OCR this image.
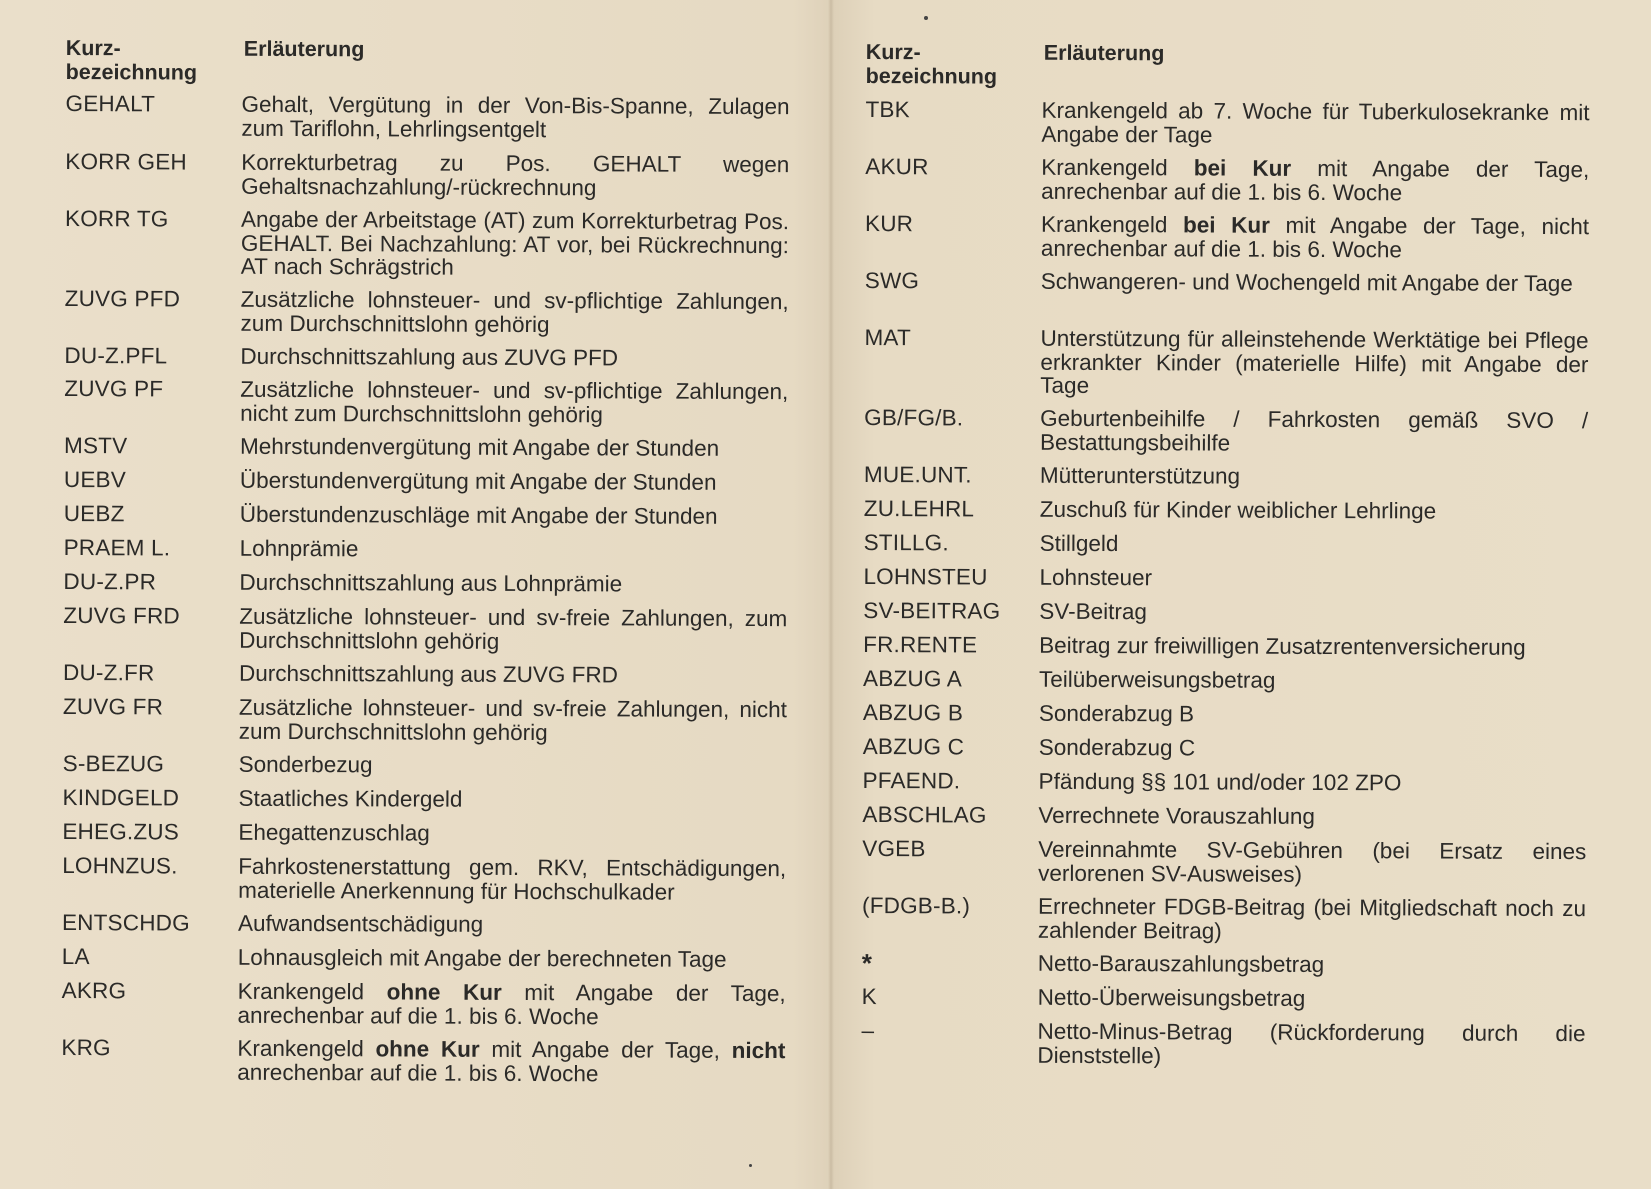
Kurz-
bezeichnung
Erläuterung
GEHALT	Gehalt, Vergütung in der Von-Bis-Spanne, Zulagen zum Tariflohn, Lehrlingsentgelt
KORR GEH	Korrekturbetrag zu Pos. GEHALT wegen Gehaltsnachzahlung/-rückrechnung
KORR TG	Angabe der Arbeitstage (AT) zum Korrekturbetrag Pos. GEHALT. Bei Nachzahlung: AT vor, bei Rückrechnung: AT nach Schrägstrich
ZUVG PFD	Zusätzliche lohnsteuer- und sv-pflichtige Zahlungen, zum Durchschnittslohn gehörig
DU-Z.PFL	Durchschnittszahlung aus ZUVG PFD
ZUVG PF	Zusätzliche lohnsteuer- und sv-pflichtige Zahlungen, nicht zum Durchschnittslohn gehörig
MSTV	Mehrstundenvergütung mit Angabe der Stunden
UEBV	Überstundenvergütung mit Angabe der Stunden
UEBZ	Überstundenzuschläge mit Angabe der Stunden
PRAEM L.	Lohnprämie
DU-Z.PR	Durchschnittszahlung aus Lohnprämie
ZUVG FRD	Zusätzliche lohnsteuer- und sv-freie Zahlungen, zum Durchschnittslohn gehörig
DU-Z.FR	Durchschnittszahlung aus ZUVG FRD
ZUVG FR	Zusätzliche lohnsteuer- und sv-freie Zahlungen, nicht zum Durchschnittslohn gehörig
S-BEZUG	Sonderbezug
KINDGELD	Staatliches Kindergeld
EHEG.ZUS	Ehegattenzuschlag
LOHNZUS.	Fahrkostenerstattung gem. RKV, Entschädigungen, materielle Anerkennung für Hochschulkader
ENTSCHDG	Aufwandsentschädigung
LA	Lohnausgleich mit Angabe der berechneten Tage
AKRG	Krankengeld ohne Kur mit Angabe der Tage, anrechenbar auf die 1. bis 6. Woche
KRG	Krankengeld ohne Kur mit Angabe der Tage, nicht anrechenbar auf die 1. bis 6. Woche
Kurz-
bezeichnung
Erläuterung
TBK	Krankengeld ab 7. Woche für Tuberkulosekranke mit Angabe der Tage
AKUR	Krankengeld bei Kur mit Angabe der Tage, anrechenbar auf die 1. bis 6. Woche
KUR	Krankengeld bei Kur mit Angabe der Tage, nicht anrechenbar auf die 1. bis 6. Woche
SWG	Schwangeren- und Wochengeld mit Angabe der Tage
MAT	Unterstützung für alleinstehende Werktätige bei Pflege erkrankter Kinder (materielle Hilfe) mit Angabe der Tage
GB/FG/B.	Geburtenbeihilfe / Fahrkosten gemäß SVO / Bestattungsbeihilfe
MUE.UNT.	Mütterunterstützung
ZU.LEHRL	Zuschuß für Kinder weiblicher Lehrlinge
STILLG.	Stillgeld
LOHNSTEU	Lohnsteuer
SV-BEITRAG	SV-Beitrag
FR.RENTE	Beitrag zur freiwilligen Zusatzrentenversicherung
ABZUG A	Teilüberweisungsbetrag
ABZUG B	Sonderabzug B
ABZUG C	Sonderabzug C
PFAEND.	Pfändung §§ 101 und/oder 102 ZPO
ABSCHLAG	Verrechnete Vorauszahlung
VGEB	Vereinnahmte SV-Gebühren (bei Ersatz eines verlorenen SV-Ausweises)
(FDGB-B.)	Errechneter FDGB-Beitrag (bei Mitgliedschaft noch zu zahlender Beitrag)
*	Netto-Barauszahlungsbetrag
K	Netto-Überweisungsbetrag
–	Netto-Minus-Betrag (Rückforderung durch die Dienststelle)
